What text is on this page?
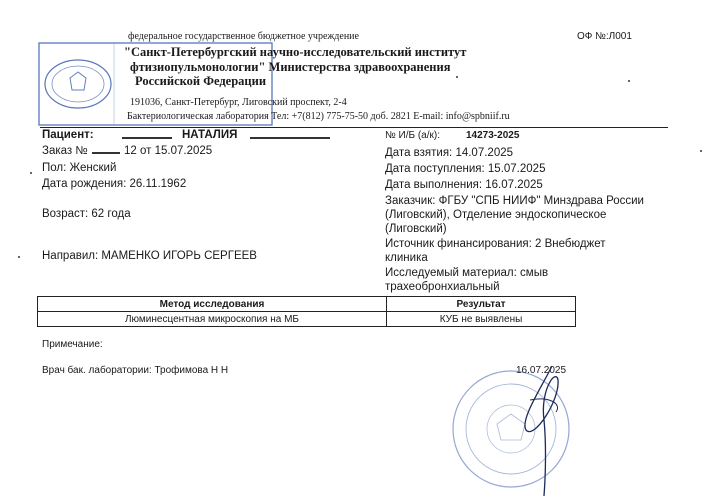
федеральное государственное бюджетное учреждение	ОФ №:Л001
"Санкт-Петербургский научно-исследовательский институт
фтизиопульмонологии" Министерства здравоохранения
Российской Федерации
191036, Санкт-Петербург, Лиговский проспект, 2-4
Бактериологическая лаборатория Тел: +7(812) 775-75-50 доб. 2821 E-mail: info@spbniif.ru
Пациент:	НАТАЛИЯ
Заказ №	12 от 15.07.2025
Пол: Женский
Дата рождения: 26.11.1962
Возраст: 62 года
Направил: МАМЕНКО ИГОРЬ СЕРГЕЕВ
№ И/Б (а/к):	14273-2025
Дата взятия: 14.07.2025
Дата поступления: 15.07.2025
Дата выполнения: 16.07.2025
Заказчик: ФГБУ "СПБ НИИФ" Минздрава России
(Лиговский), Отделение эндоскопическое
(Лиговский)
Источник финансирования: 2 Внебюджет
клиника
Исследуемый материал: смыв
трахеобронхиальный
Метод исследования	Результат
Люминесцентная микроскопия на МБ	КУБ не выявлены
Примечание:
Врач бак. лаборатории: Трофимова Н Н	16.07.2025
